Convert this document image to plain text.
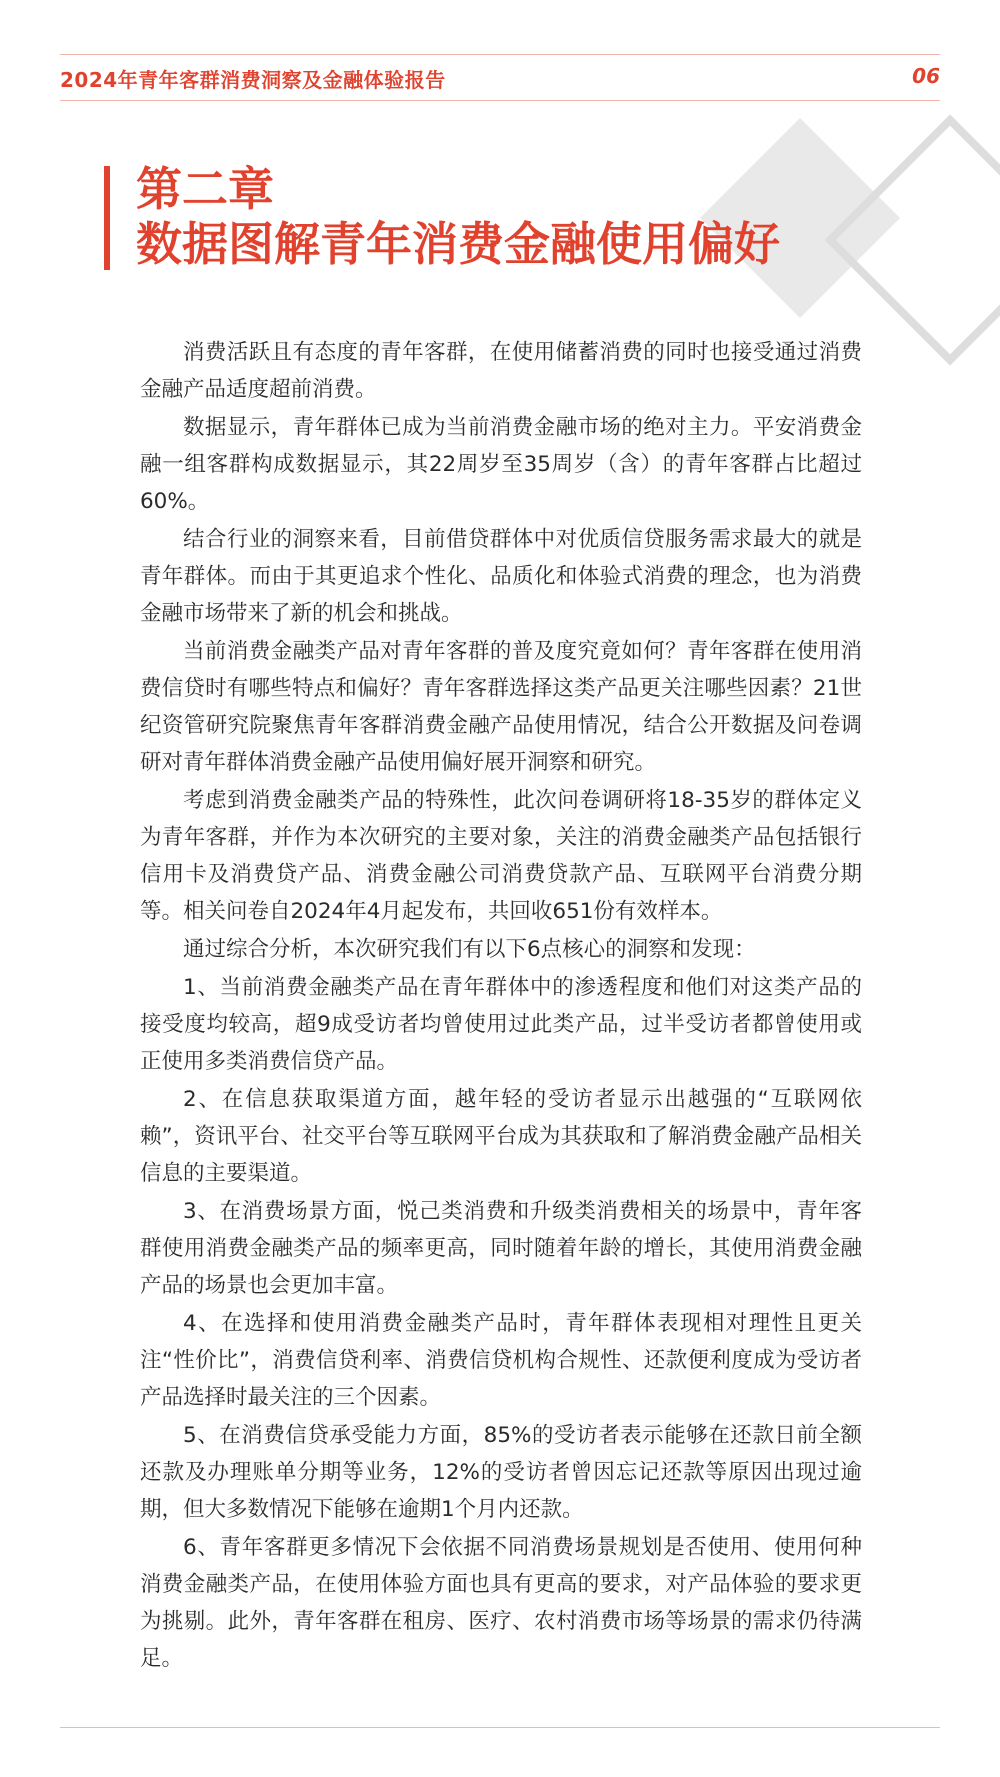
2024年青年客群消费洞察及金融体验报告	06
第二章
数据图解青年消费金融使用偏好

消费活跃且有态度的青年客群，在使用储蓄消费的同时也接受通过消费金融产品适度超前消费。

数据显示，青年群体已成为当前消费金融市场的绝对主力。平安消费金融一组客群构成数据显示，其22周岁至35周岁（含）的青年客群占比超过60%。

结合行业的洞察来看，目前借贷群体中对优质信贷服务需求最大的就是青年群体。而由于其更追求个性化、品质化和体验式消费的理念，也为消费金融市场带来了新的机会和挑战。

当前消费金融类产品对青年客群的普及度究竟如何？青年客群在使用消费信贷时有哪些特点和偏好？青年客群选择这类产品更关注哪些因素？21世纪资管研究院聚焦青年客群消费金融产品使用情况，结合公开数据及问卷调研对青年群体消费金融产品使用偏好展开洞察和研究。

考虑到消费金融类产品的特殊性，此次问卷调研将18-35岁的群体定义为青年客群，并作为本次研究的主要对象，关注的消费金融类产品包括银行信用卡及消费贷产品、消费金融公司消费贷款产品、互联网平台消费分期等。相关问卷自2024年4月起发布，共回收651份有效样本。

通过综合分析，本次研究我们有以下6点核心的洞察和发现：

1、当前消费金融类产品在青年群体中的渗透程度和他们对这类产品的接受度均较高，超9成受访者均曾使用过此类产品，过半受访者都曾使用或正使用多类消费信贷产品。

2、在信息获取渠道方面，越年轻的受访者显示出越强的“互联网依赖”，资讯平台、社交平台等互联网平台成为其获取和了解消费金融产品相关信息的主要渠道。

3、在消费场景方面，悦己类消费和升级类消费相关的场景中，青年客群使用消费金融类产品的频率更高，同时随着年龄的增长，其使用消费金融产品的场景也会更加丰富。

4、在选择和使用消费金融类产品时，青年群体表现相对理性且更关注“性价比”，消费信贷利率、消费信贷机构合规性、还款便利度成为受访者产品选择时最关注的三个因素。

5、在消费信贷承受能力方面，85%的受访者表示能够在还款日前全额还款及办理账单分期等业务，12%的受访者曾因忘记还款等原因出现过逾期，但大多数情况下能够在逾期1个月内还款。

6、青年客群更多情况下会依据不同消费场景规划是否使用、使用何种消费金融类产品，在使用体验方面也具有更高的要求，对产品体验的要求更为挑剔。此外，青年客群在租房、医疗、农村消费市场等场景的需求仍待满足。
